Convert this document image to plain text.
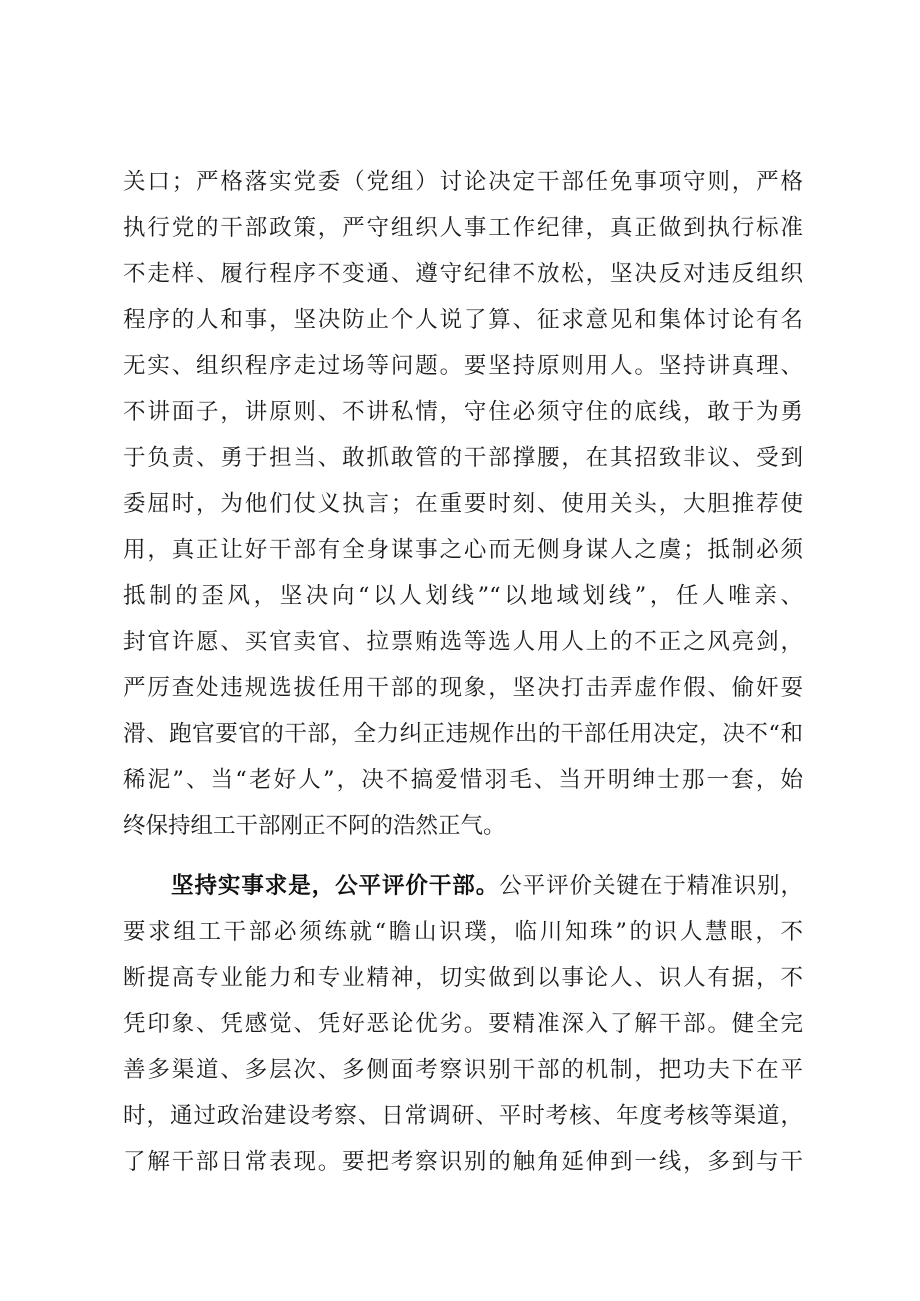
关口；严格落实党委（党组）讨论决定干部任免事项守则，严格
执行党的干部政策，严守组织人事工作纪律，真正做到执行标准
不走样、履行程序不变通、遵守纪律不放松，坚决反对违反组织
程序的人和事，坚决防止个人说了算、征求意见和集体讨论有名
无实、组织程序走过场等问题。要坚持原则用人。坚持讲真理、
不讲面子，讲原则、不讲私情，守住必须守住的底线，敢于为勇
于负责、勇于担当、敢抓敢管的干部撑腰，在其招致非议、受到
委屈时，为他们仗义执言；在重要时刻、使用关头，大胆推荐使
用，真正让好干部有全身谋事之心而无侧身谋人之虞；抵制必须
抵制的歪风，坚决向“以人划线”“以地域划线”，任人唯亲、
封官许愿、买官卖官、拉票贿选等选人用人上的不正之风亮剑，
严厉查处违规选拔任用干部的现象，坚决打击弄虚作假、偷奸耍
滑、跑官要官的干部，全力纠正违规作出的干部任用决定，决不“和
稀泥”、当“老好人”，决不搞爱惜羽毛、当开明绅士那一套，始
终保持组工干部刚正不阿的浩然正气。
坚持实事求是，公平评价干部。公平评价关键在于精准识别，
要求组工干部必须练就“瞻山识璞，临川知珠”的识人慧眼，不
断提高专业能力和专业精神，切实做到以事论人、识人有据，不
凭印象、凭感觉、凭好恶论优劣。要精准深入了解干部。健全完
善多渠道、多层次、多侧面考察识别干部的机制，把功夫下在平
时，通过政治建设考察、日常调研、平时考核、年度考核等渠道，
了解干部日常表现。要把考察识别的触角延伸到一线，多到与干
